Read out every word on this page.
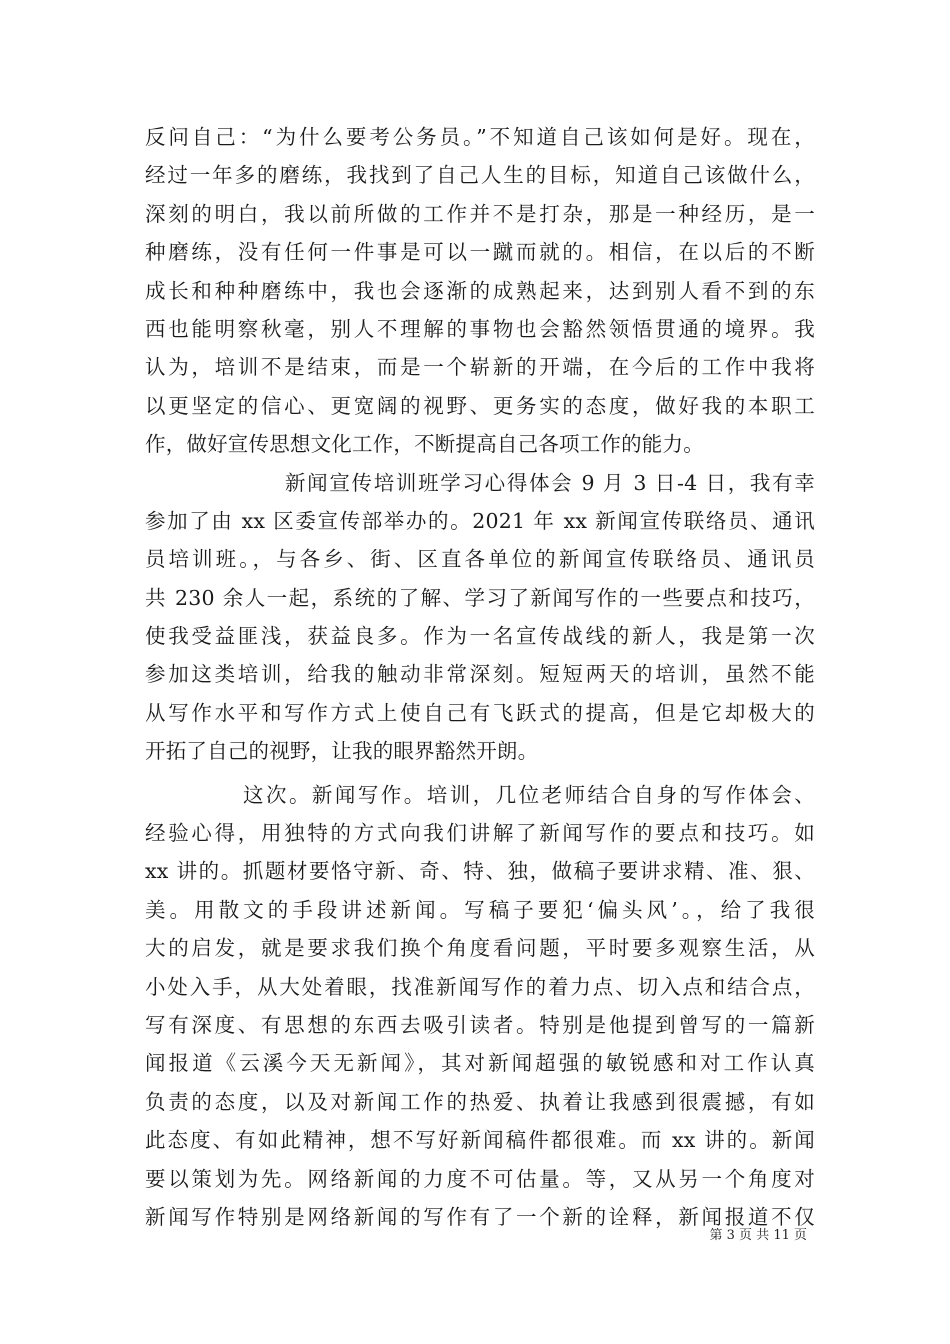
反问自己：“为什么要考公务员。”不知道自己该如何是好。现在，
经过一年多的磨练，我找到了自己人生的目标，知道自己该做什么，
深刻的明白，我以前所做的工作并不是打杂，那是一种经历，是一
种磨练，没有任何一件事是可以一蹴而就的。相信，在以后的不断
成长和种种磨练中，我也会逐渐的成熟起来，达到别人看不到的东
西也能明察秋毫，别人不理解的事物也会豁然领悟贯通的境界。我
认为，培训不是结束，而是一个崭新的开端，在今后的工作中我将
以更坚定的信心、更宽阔的视野、更务实的态度，做好我的本职工
作，做好宣传思想文化工作，不断提高自己各项工作的能力。
新闻宣传培训班学习心得体会 9 月 3 日-4 日，我有幸
参加了由 xx 区委宣传部举办的。2021 年 xx 新闻宣传联络员、通讯
员培训班。，与各乡、街、区直各单位的新闻宣传联络员、通讯员
共 230 余人一起，系统的了解、学习了新闻写作的一些要点和技巧，
使我受益匪浅，获益良多。作为一名宣传战线的新人，我是第一次
参加这类培训，给我的触动非常深刻。短短两天的培训，虽然不能
从写作水平和写作方式上使自己有飞跃式的提高，但是它却极大的
开拓了自己的视野，让我的眼界豁然开朗。
这次。新闻写作。培训，几位老师结合自身的写作体会、
经验心得，用独特的方式向我们讲解了新闻写作的要点和技巧。如
xx 讲的。抓题材要恪守新、奇、特、独，做稿子要讲求精、准、狠、
美。用散文的手段讲述新闻。写稿子要犯‘偏头风’。，给了我很
大的启发，就是要求我们换个角度看问题，平时要多观察生活，从
小处入手，从大处着眼，找准新闻写作的着力点、切入点和结合点，
写有深度、有思想的东西去吸引读者。特别是他提到曾写的一篇新
闻报道《云溪今天无新闻》，其对新闻超强的敏锐感和对工作认真
负责的态度，以及对新闻工作的热爱、执着让我感到很震撼，有如
此态度、有如此精神，想不写好新闻稿件都很难。而 xx 讲的。新闻
要以策划为先。网络新闻的力度不可估量。等，又从另一个角度对
新闻写作特别是网络新闻的写作有了一个新的诠释，新闻报道不仅
第 3 页 共 11 页
